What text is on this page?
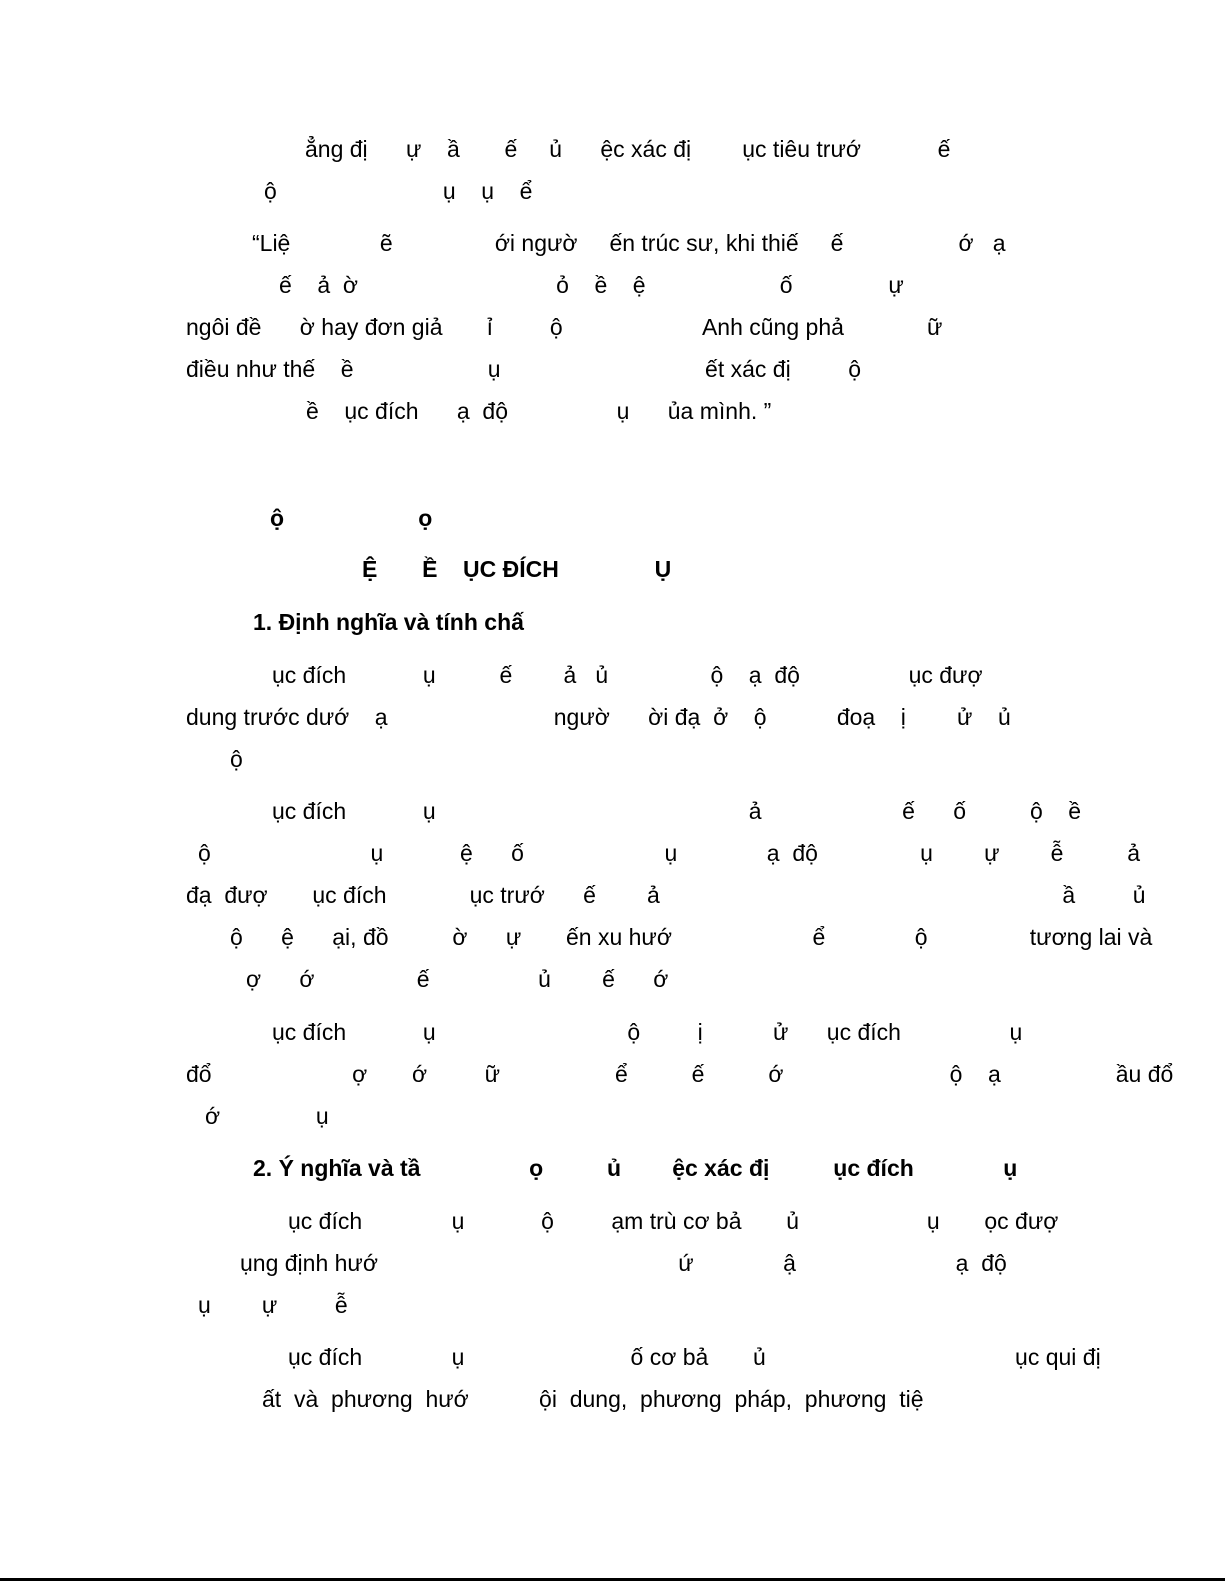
ẳng đị      ự    ầ       ế     ủ      ệc xác đị        ục tiêu trướ            ế
ộ                          ụ    ụ    ể
“Liệ              ẽ                ới ngườ     ến trúc sư, khi thiế     ế                  ớ   ạ
ế    ả  ờ                               ỏ    ề    ệ                     ố               ự
ngôi đề      ờ hay đơn giả       ỉ         ộ                      Anh cũng phả             ữ
điều như thế    ề                     ụ                                ết xác đị         ộ
ề    ục đích      ạ  độ                 ụ      ủa mình. ”
ộ                     ọ
Ệ       Ề    ỤC ĐÍCH               Ụ
1. Định nghĩa và tính chấ
ục đích            ụ          ế        ả   ủ                ộ    ạ  độ                 ục đượ
dung trước dướ    ạ                          ngườ      ời đạ  ở    ộ           đoạ    ị        ử    ủ
ộ
ục đích            ụ                                                 ả                      ế      ố          ộ    ề
ộ                         ụ            ệ      ố                      ụ              ạ  độ                ụ        ự        ễ          ả
đạ  đượ       ục đích             ục trướ      ế        ả                                                               ầ         ủ
ộ      ệ      ại, đồ          ờ      ự       ến xu hướ                      ể              ộ                tương lai và
ợ      ớ                ế                 ủ        ế      ớ
ục đích            ụ                              ộ         ị           ử      ục đích                 ụ
đổ                      ợ       ớ         ữ                  ể          ế          ớ                          ộ    ạ                  ầu đổ
ớ               ụ
2. Ý nghĩa và tầ                 ọ          ủ        ệc xác đị          ục đích              ụ
ục đích              ụ            ộ         ạm trù cơ bả       ủ                    ụ       ọc đượ
ụng định hướ                                               ứ              ậ                         ạ  độ
ụ        ự         ễ
ục đích              ụ                          ố cơ bả       ủ                                       ục qui đị
ất  và  phương  hướ           ội  dung,  phương  pháp,  phương  tiệ
